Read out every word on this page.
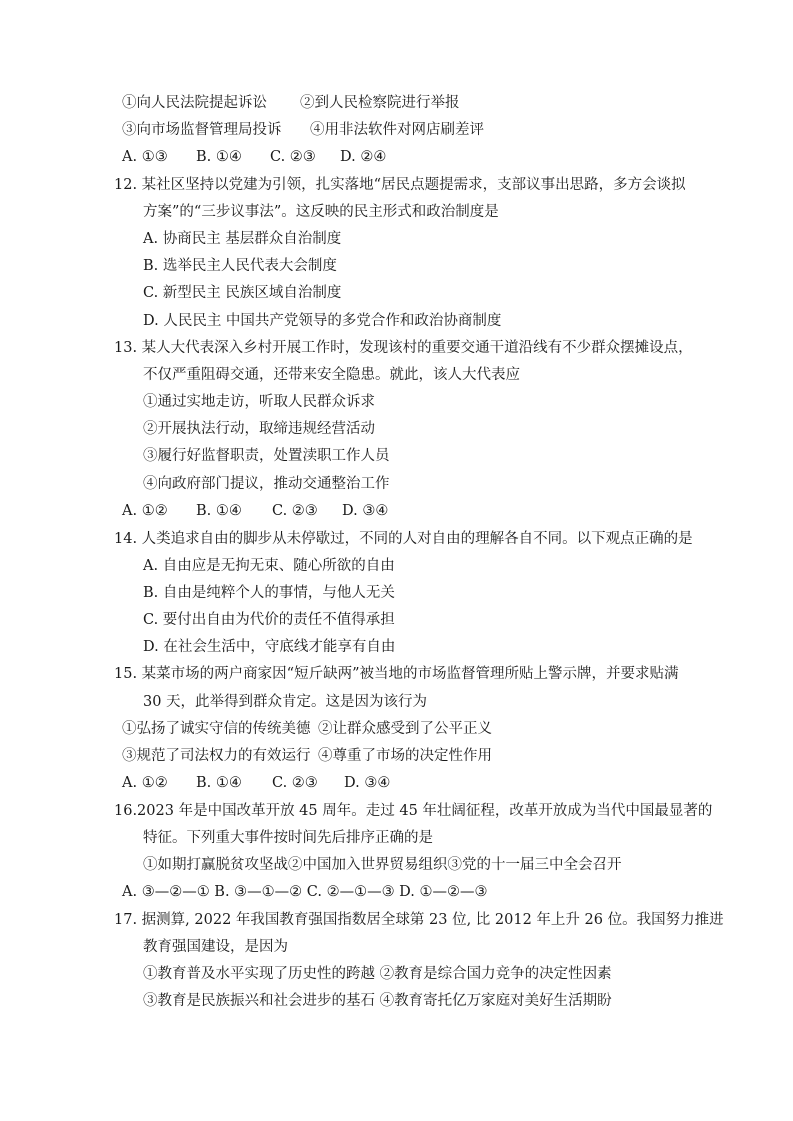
①向人民法院提起诉讼 ②到人民检察院进行举报
③向市场监督管理局投诉 ④用非法软件对网店刷差评
A. ①③ B. ①④ C. ②③ D. ②④
12. 某社区坚持以党建为引领，扎实落地“居民点题提需求，支部议事出思路，多方会谈拟
方案”的“三步议事法”。这反映的民主形式和政治制度是
A. 协商民主 基层群众自治制度
B. 选举民主人民代表大会制度
C. 新型民主 民族区域自治制度
D. 人民民主 中国共产党领导的多党合作和政治协商制度
13. 某人大代表深入乡村开展工作时，发现该村的重要交通干道沿线有不少群众摆摊设点，
不仅严重阻碍交通，还带来安全隐患。就此，该人大代表应
①通过实地走访，听取人民群众诉求
②开展执法行动，取缔违规经营活动
③履行好监督职责，处置渎职工作人员
④向政府部门提议，推动交通整治工作
A. ①② B. ①④ C. ②③ D. ③④
14. 人类追求自由的脚步从未停歇过，不同的人对自由的理解各自不同。以下观点正确的是
A. 自由应是无拘无束、随心所欲的自由
B. 自由是纯粹个人的事情，与他人无关
C. 要付出自由为代价的责任不值得承担
D. 在社会生活中，守底线才能享有自由
15. 某菜市场的两户商家因“短斤缺两”被当地的市场监督管理所贴上警示牌，并要求贴满
30 天，此举得到群众肯定。这是因为该行为
①弘扬了诚实守信的传统美德 ②让群众感受到了公平正义
③规范了司法权力的有效运行 ④尊重了市场的决定性作用
A. ①② B. ①④ C. ②③ D. ③④
16.2023 年是中国改革开放 45 周年。走过 45 年壮阔征程，改革开放成为当代中国最显著的
特征。下列重大事件按时间先后排序正确的是
①如期打赢脱贫攻坚战②中国加入世界贸易组织③党的十一届三中全会召开
A. ③—②—① B. ③—①—② C. ②—①—③ D. ①—②—③
17. 据测算, 2022 年我国教育强国指数居全球第 23 位, 比 2012 年上升 26 位。我国努力推进
教育强国建设，是因为
①教育普及水平实现了历史性的跨越 ②教育是综合国力竞争的决定性因素
③教育是民族振兴和社会进步的基石 ④教育寄托亿万家庭对美好生活期盼
